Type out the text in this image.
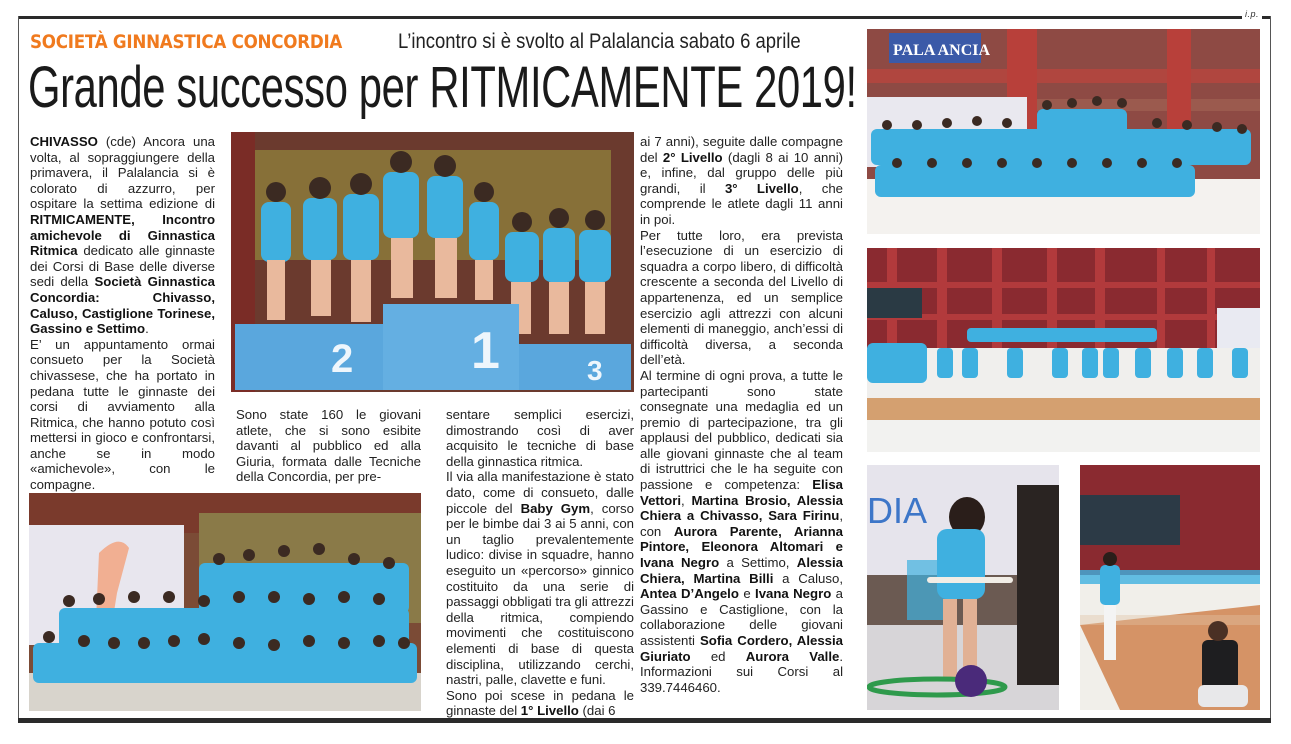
i.p.
SOCIETÀ GINNASTICA CONCORDIA	L’incontro si è svolto al Palalancia sabato 6 aprile
Grande successo per RITMICAMENTE 2019!

CHIVASSO (cde) Ancora una volta, al sopraggiungere della primavera, il Palalancia si è colorato di azzurro, per ospitare la settima edizione di RITMICAMENTE, Incontro amichevole di Ginnastica Ritmica dedicato alle ginnaste dei Corsi di Base delle diverse sedi della Società Ginnastica Concordia: Chivasso, Caluso, Castiglione Torinese, Gassino e Settimo.

E’ un appuntamento ormai consueto per la Società chivassese, che ha portato in pedana tutte le ginnaste dei corsi di avviamento alla Ritmica, che hanno potuto così mettersi in gioco e confrontarsi, anche se in modo «amichevole», con le compagne.

2 1	3

Sono state 160 le giovani atlete, che si sono esibite davanti al pubblico ed alla Giuria, formata dalle Tecniche della Concordia, per pre-

sentare semplici esercizi, dimostrando così di aver acquisito le tecniche di base della ginnastica ritmica.

Il via alla manifestazione è stato dato, come di consueto, dalle piccole del Baby Gym, corso per le bimbe dai 3 ai 5 anni, con un taglio prevalentemente ludico: divise in squadre, hanno eseguito un «percorso» ginnico costituito da una serie di passaggi obbligati tra gli attrezzi della ritmica, compiendo movimenti che costituiscono elementi di base di questa disciplina, utilizzando cerchi, nastri, palle, clavette e funi.

Sono poi scese in pedana le ginnaste del 1° Livello (dai 6

ai 7 anni), seguite dalle compagne del 2° Livello (dagli 8 ai 10 anni) e, infine, dal gruppo delle più grandi, il 3° Livello, che comprende le atlete dagli 11 anni in poi.

Per tutte loro, era prevista l’esecuzione di un esercizio di squadra a corpo libero, di difficoltà crescente a seconda del Livello di appartenenza, ed un semplice esercizio agli attrezzi con alcuni elementi di maneggio, anch’essi di difficoltà diversa, a seconda dell’età.

Al termine di ogni prova, a tutte le partecipanti sono state consegnate una medaglia ed un premio di partecipazione, tra gli applausi del pubblico, dedicati sia alle giovani ginnaste che al team di istruttrici che le ha seguite con passione e competenza: Elisa Vettori, Martina Brosio, Alessia Chiera a Chivasso, Sara Firinu, con Aurora Parente, Arianna Pintore, Eleonora Altomari e Ivana Negro a Settimo, Alessia Chiera, Martina Billi a Caluso, Antea D’Angelo e Ivana Negro a Gassino e Castiglione, con la collaborazione delle giovani assistenti Sofia Cordero, Alessia Giuriato ed Aurora Valle. Informazioni sui Corsi al 339.7446460.

PALA ANCIA
DIA
